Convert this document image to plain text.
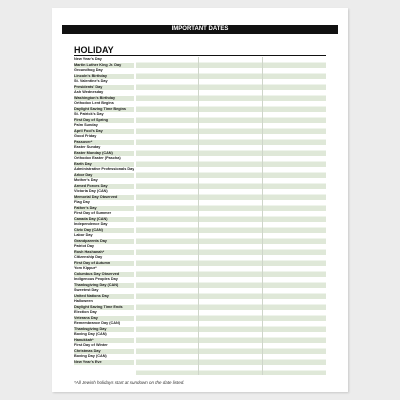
IMPORTANT DATES
HOLIDAY
New Year's Day
Martin Luther King Jr. Day
Groundhog Day
Lincoln's Birthday
St. Valentine's Day
Presidents' Day
Ash Wednesday
Washington's Birthday
Orthodox Lent Begins
Daylight Saving Time Begins
St. Patrick's Day
First Day of Spring
Palm Sunday
April Fool's Day
Good Friday
Passover*
Easter Sunday
Easter Monday (CAN)
Orthodox Easter (Pascha)
Earth Day
Administrative Professionals Day
Arbor Day
Mother's Day
Armed Forces Day
Victoria Day (CAN)
Memorial Day Observed
Flag Day
Father's Day
First Day of Summer
Canada Day (CAN)
Independence Day
Civic Day (CAN)
Labor Day
Grandparents Day
Patriot Day
Rosh Hashanah*
Citizenship Day
First Day of Autumn
Yom Kippur*
Columbus Day Observed
Indigenous Peoples Day
Thanksgiving Day (CAN)
Sweetest Day
United Nations Day
Halloween
Daylight Saving Time Ends
Election Day
Veterans Day
Remembrance Day (CAN)
Thanksgiving Day
Boxing Day (CAN)
Hanukkah*
First Day of Winter
Christmas Day
Boxing Day (CAN)
New Year's Eve
*All Jewish holidays start at sundown on the date listed.
